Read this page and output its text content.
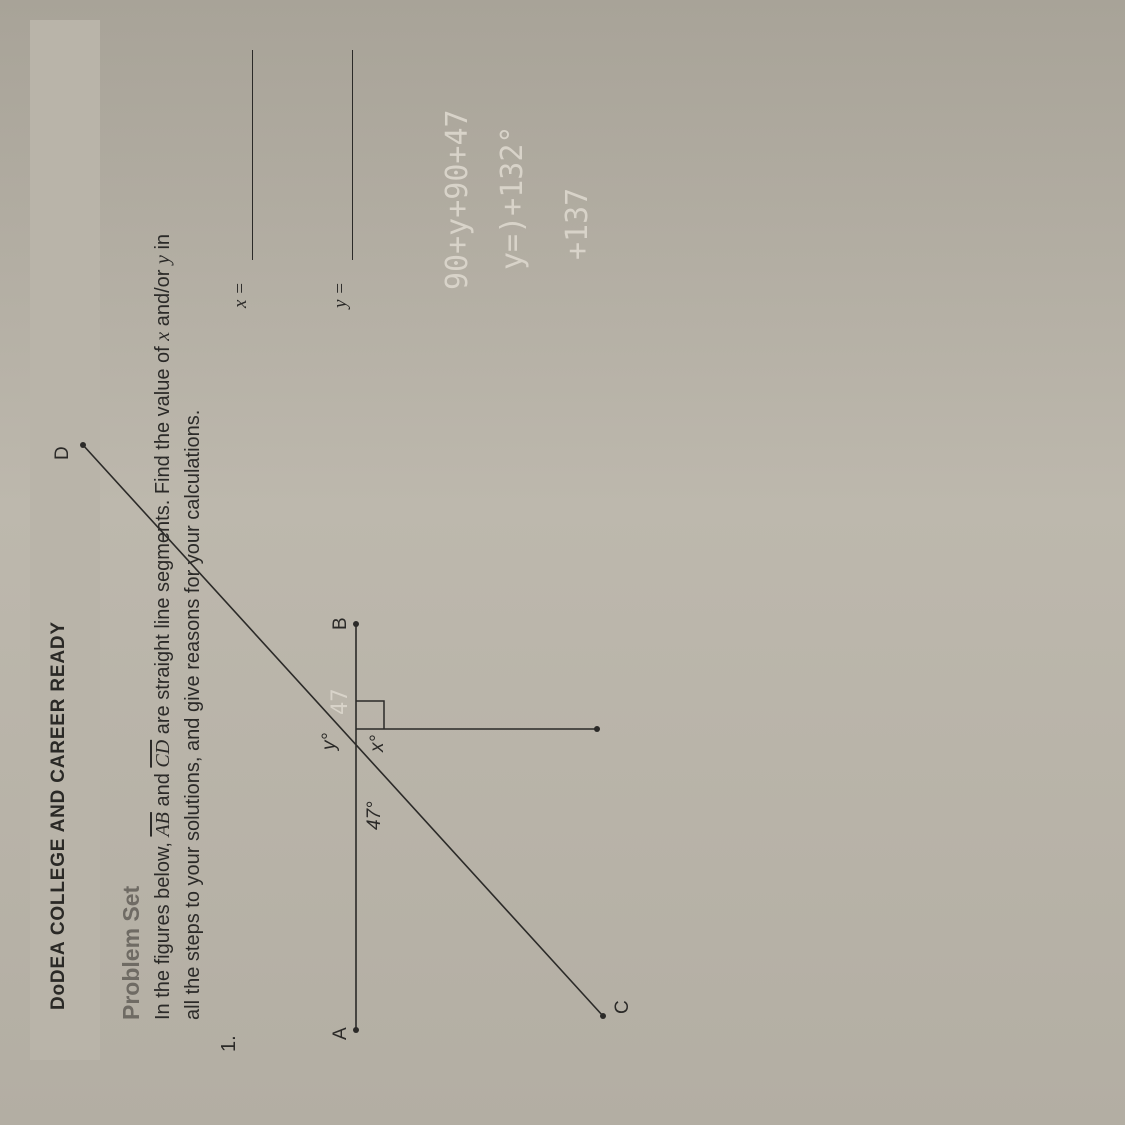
DoDEA COLLEGE AND CAREER READY Problem Set In the figures below, $\overline{AB}$ and $\overline{CD}$ are straight line segments. Find the value of x and/or y in
all the steps to your solutions, and give reasons for your calculations.
1.
A
B
C
D
47°
x°
y°
47
x =	y =
90+y+90+47 y=)+132° +137
